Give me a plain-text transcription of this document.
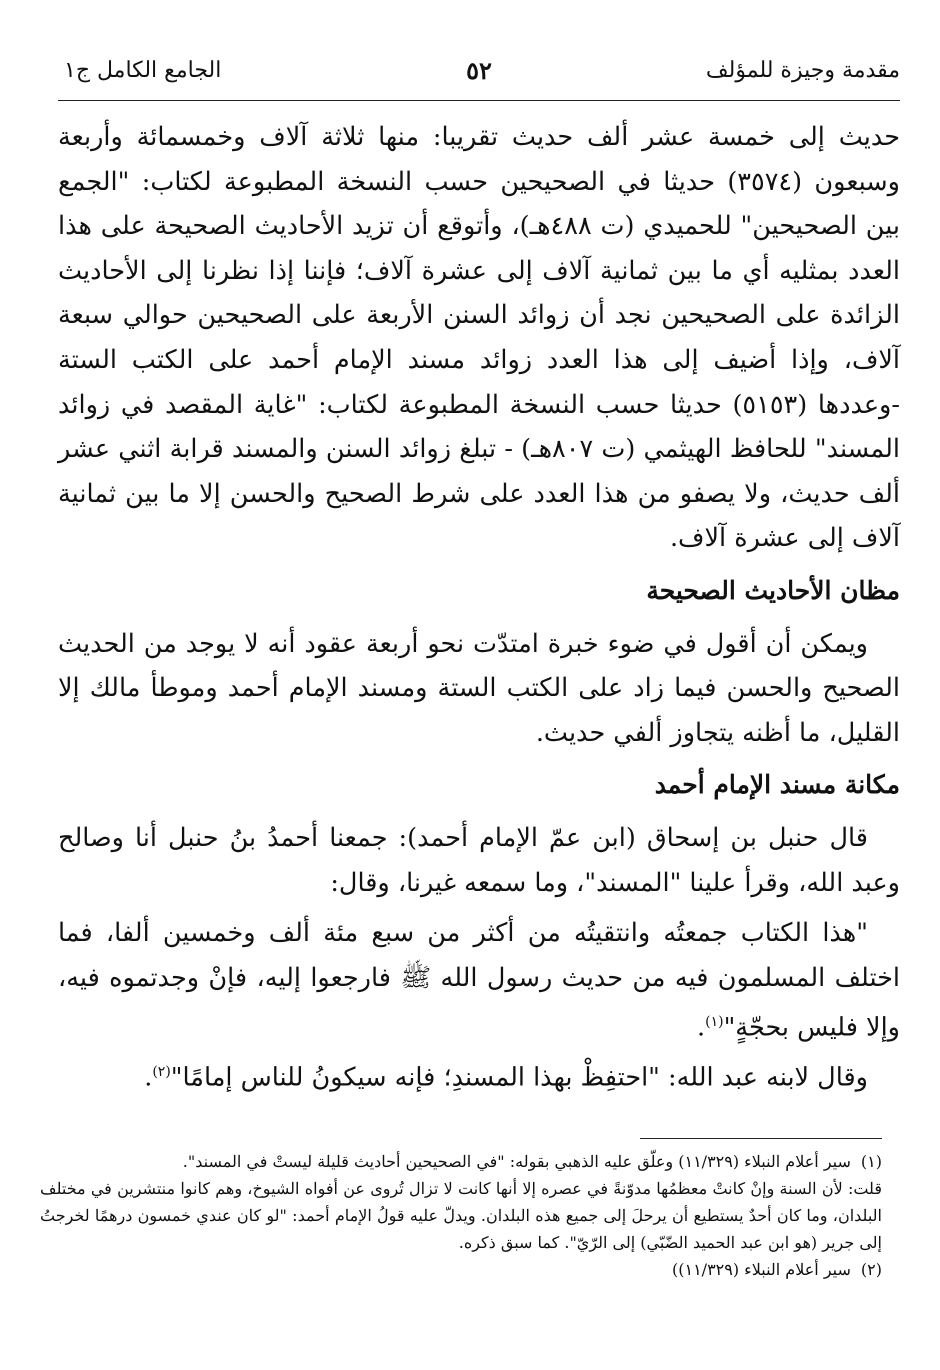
مقدمة وجيزة للمؤلف
٥٢
الجامع الكامل ج١

حديث إلى خمسة عشر ألف حديث تقريبا: منها ثلاثة آلاف وخمسمائة وأربعة وسبعون (٣٥٧٤) حديثا في الصحيحين حسب النسخة المطبوعة لكتاب: "الجمع بين الصحيحين" للحميدي (ت ٤٨٨هـ)، وأتوقع أن تزيد الأحاديث الصحيحة على هذا العدد بمثليه أي ما بين ثمانية آلاف إلى عشرة آلاف؛ فإننا إذا نظرنا إلى الأحاديث الزائدة على الصحيحين نجد أن زوائد السنن الأربعة على الصحيحين حوالي سبعة آلاف، وإذا أضيف إلى هذا العدد زوائد مسند الإمام أحمد على الكتب الستة -وعددها (٥١٥٣) حديثا حسب النسخة المطبوعة لكتاب: "غاية المقصد في زوائد المسند" للحافظ الهيثمي (ت ٨٠٧هـ) - تبلغ زوائد السنن والمسند قرابة اثني عشر ألف حديث، ولا يصفو من هذا العدد على شرط الصحيح والحسن إلا ما بين ثمانية آلاف إلى عشرة آلاف.

مظان الأحاديث الصحيحة

ويمكن أن أقول في ضوء خبرة امتدّت نحو أربعة عقود أنه لا يوجد من الحديث الصحيح والحسن فيما زاد على الكتب الستة ومسند الإمام أحمد وموطأ مالك إلا القليل، ما أظنه يتجاوز ألفي حديث.

مكانة مسند الإمام أحمد

قال حنبل بن إسحاق (ابن عمّ الإمام أحمد): جمعنا أحمدُ بنُ حنبل أنا وصالح وعبد الله، وقرأ علينا "المسند"، وما سمعه غيرنا، وقال:

"هذا الكتاب جمعتُه وانتقيتُه من أكثر من سبع مئة ألف وخمسين ألفا، فما اختلف المسلمون فيه من حديث رسول الله ﷺ فارجعوا إليه، فإنْ وجدتموه فيه، وإلا فليس بحجّةٍ"$^{(١)}$.

وقال لابنه عبد الله: "احتفِظْ بهذا المسندِ؛ فإنه سيكونُ للناس إمامًا"$^{(٢)}$.

(١)سير أعلام النبلاء (١١/٣٢٩) وعلّق عليه الذهبي بقوله: "في الصحيحين أحاديث قليلة ليستْ في المسند".

قلت: لأن السنة وإنْ كانتْ معظمُها مدوّنةً في عصره إلا أنها كانت لا تزال تُروى عن أفواه الشيوخ، وهم كانوا منتشرين في مختلف البلدان، وما كان أحدٌ يستطيع أن يرحلَ إلى جميع هذه البلدان. ويدلّ عليه قولُ الإمام أحمد: "لو كان عندي خمسون درهمًا لخرجتُ إلى جرير (هو ابن عبد الحميد الضّبّي) إلى الرّيّ". كما سبق ذكره.

(٢)سير أعلام النبلاء (١١/٣٢٩))
